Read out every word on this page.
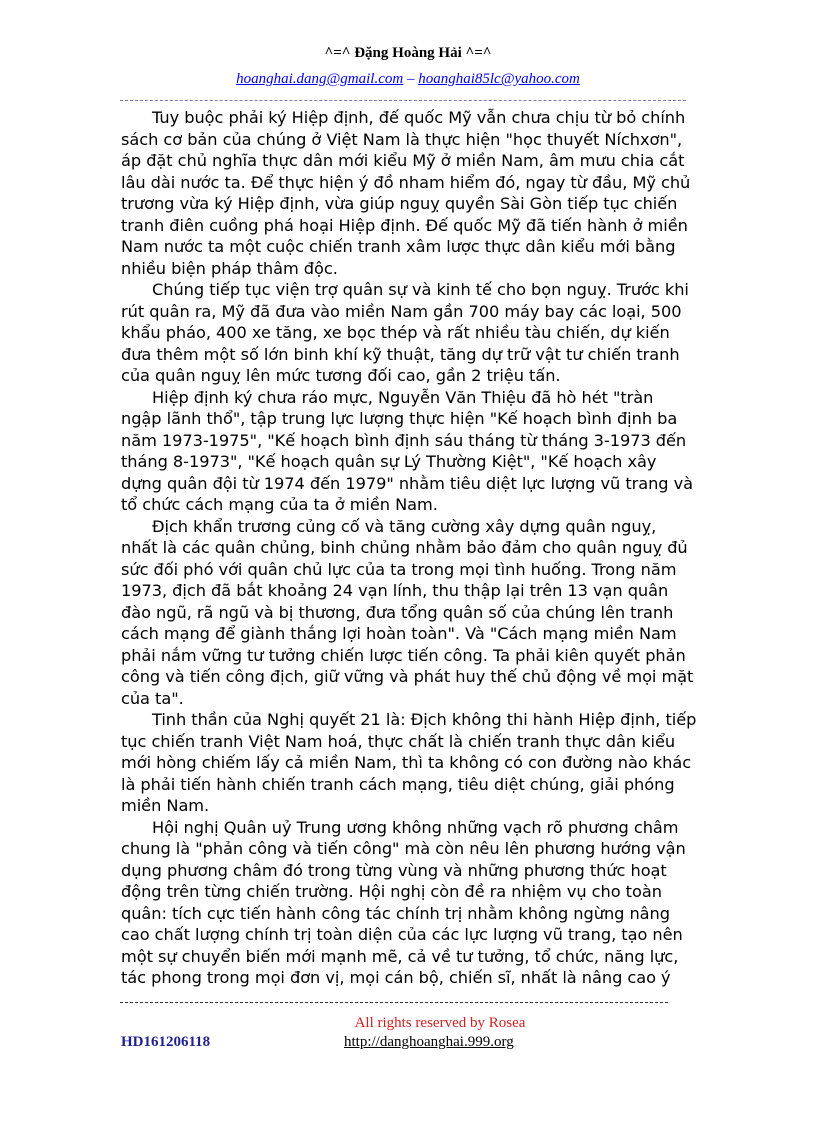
^=^ Đặng Hoàng Hải ^=^
hoanghai.dang@gmail.com – hoanghai85lc@yahoo.com

Tuy buộc phải ký Hiệp định, đế quốc Mỹ vẫn chưa chịu từ bỏ chính sách cơ bản của chúng ở Việt Nam là thực hiện "học thuyết Níchxơn", áp đặt chủ nghĩa thực dân mới kiểu Mỹ ở miền Nam, âm mưu chia cắt lâu dài nước ta. Để thực hiện ý đồ nham hiểm đó, ngay từ đầu, Mỹ chủ trương vừa ký Hiệp định, vừa giúp nguỵ quyền Sài Gòn tiếp tục chiến tranh điên cuồng phá hoại Hiệp định. Đế quốc Mỹ đã tiến hành ở miền Nam nước ta một cuộc chiến tranh xâm lược thực dân kiểu mới bằng nhiều biện pháp thâm độc.

Chúng tiếp tục viện trợ quân sự và kinh tế cho bọn nguỵ. Trước khi rút quân ra, Mỹ đã đưa vào miền Nam gần 700 máy bay các loại, 500 khẩu pháo, 400 xe tăng, xe bọc thép và rất nhiều tàu chiến, dự kiến đưa thêm một số lớn binh khí kỹ thuật, tăng dự trữ vật tư chiến tranh của quân nguỵ lên mức tương đối cao, gần 2 triệu tấn.

Hiệp định ký chưa ráo mực, Nguyễn Văn Thiệu đã hò hét "tràn ngập lãnh thổ", tập trung lực lượng thực hiện "Kế hoạch bình định ba năm 1973-1975", "Kế hoạch bình định sáu tháng từ tháng 3-1973 đến tháng 8-1973", "Kế hoạch quân sự Lý Thường Kiệt", "Kế hoạch xây dựng quân đội từ 1974 đến 1979" nhằm tiêu diệt lực lượng vũ trang và tổ chức cách mạng của ta ở miền Nam.

Địch khẩn trương củng cố và tăng cường xây dựng quân nguỵ, nhất là các quân chủng, binh chủng nhằm bảo đảm cho quân nguỵ đủ sức đối phó với quân chủ lực của ta trong mọi tình huống. Trong năm 1973, địch đã bắt khoảng 24 vạn lính, thu thập lại trên 13 vạn quân đào ngũ, rã ngũ và bị thương, đưa tổng quân số của chúng lên tranh cách mạng để giành thắng lợi hoàn toàn". Và "Cách mạng miền Nam phải nắm vững tư tưởng chiến lược tiến công. Ta phải kiên quyết phản công và tiến công địch, giữ vững và phát huy thế chủ động về mọi mặt của ta".

Tinh thần của Nghị quyết 21 là: Địch không thi hành Hiệp định, tiếp tục chiến tranh Việt Nam hoá, thực chất là chiến tranh thực dân kiểu mới hòng chiếm lấy cả miền Nam, thì ta không có con đường nào khác là phải tiến hành chiến tranh cách mạng, tiêu diệt chúng, giải phóng miền Nam.

Hội nghị Quân uỷ Trung ương không những vạch rõ phương châm chung là "phản công và tiến công" mà còn nêu lên phương hướng vận dụng phương châm đó trong từng vùng và những phương thức hoạt động trên từng chiến trường. Hội nghị còn đề ra nhiệm vụ cho toàn quân: tích cực tiến hành công tác chính trị nhằm không ngừng nâng cao chất lượng chính trị toàn diện của các lực lượng vũ trang, tạo nên một sự chuyển biến mới mạnh mẽ, cả về tư tưởng, tổ chức, năng lực, tác phong trong mọi đơn vị, mọi cán bộ, chiến sĩ, nhất là nâng cao ý

All rights reserved by Rosea
HD161206118	http://danghoanghai.999.org
